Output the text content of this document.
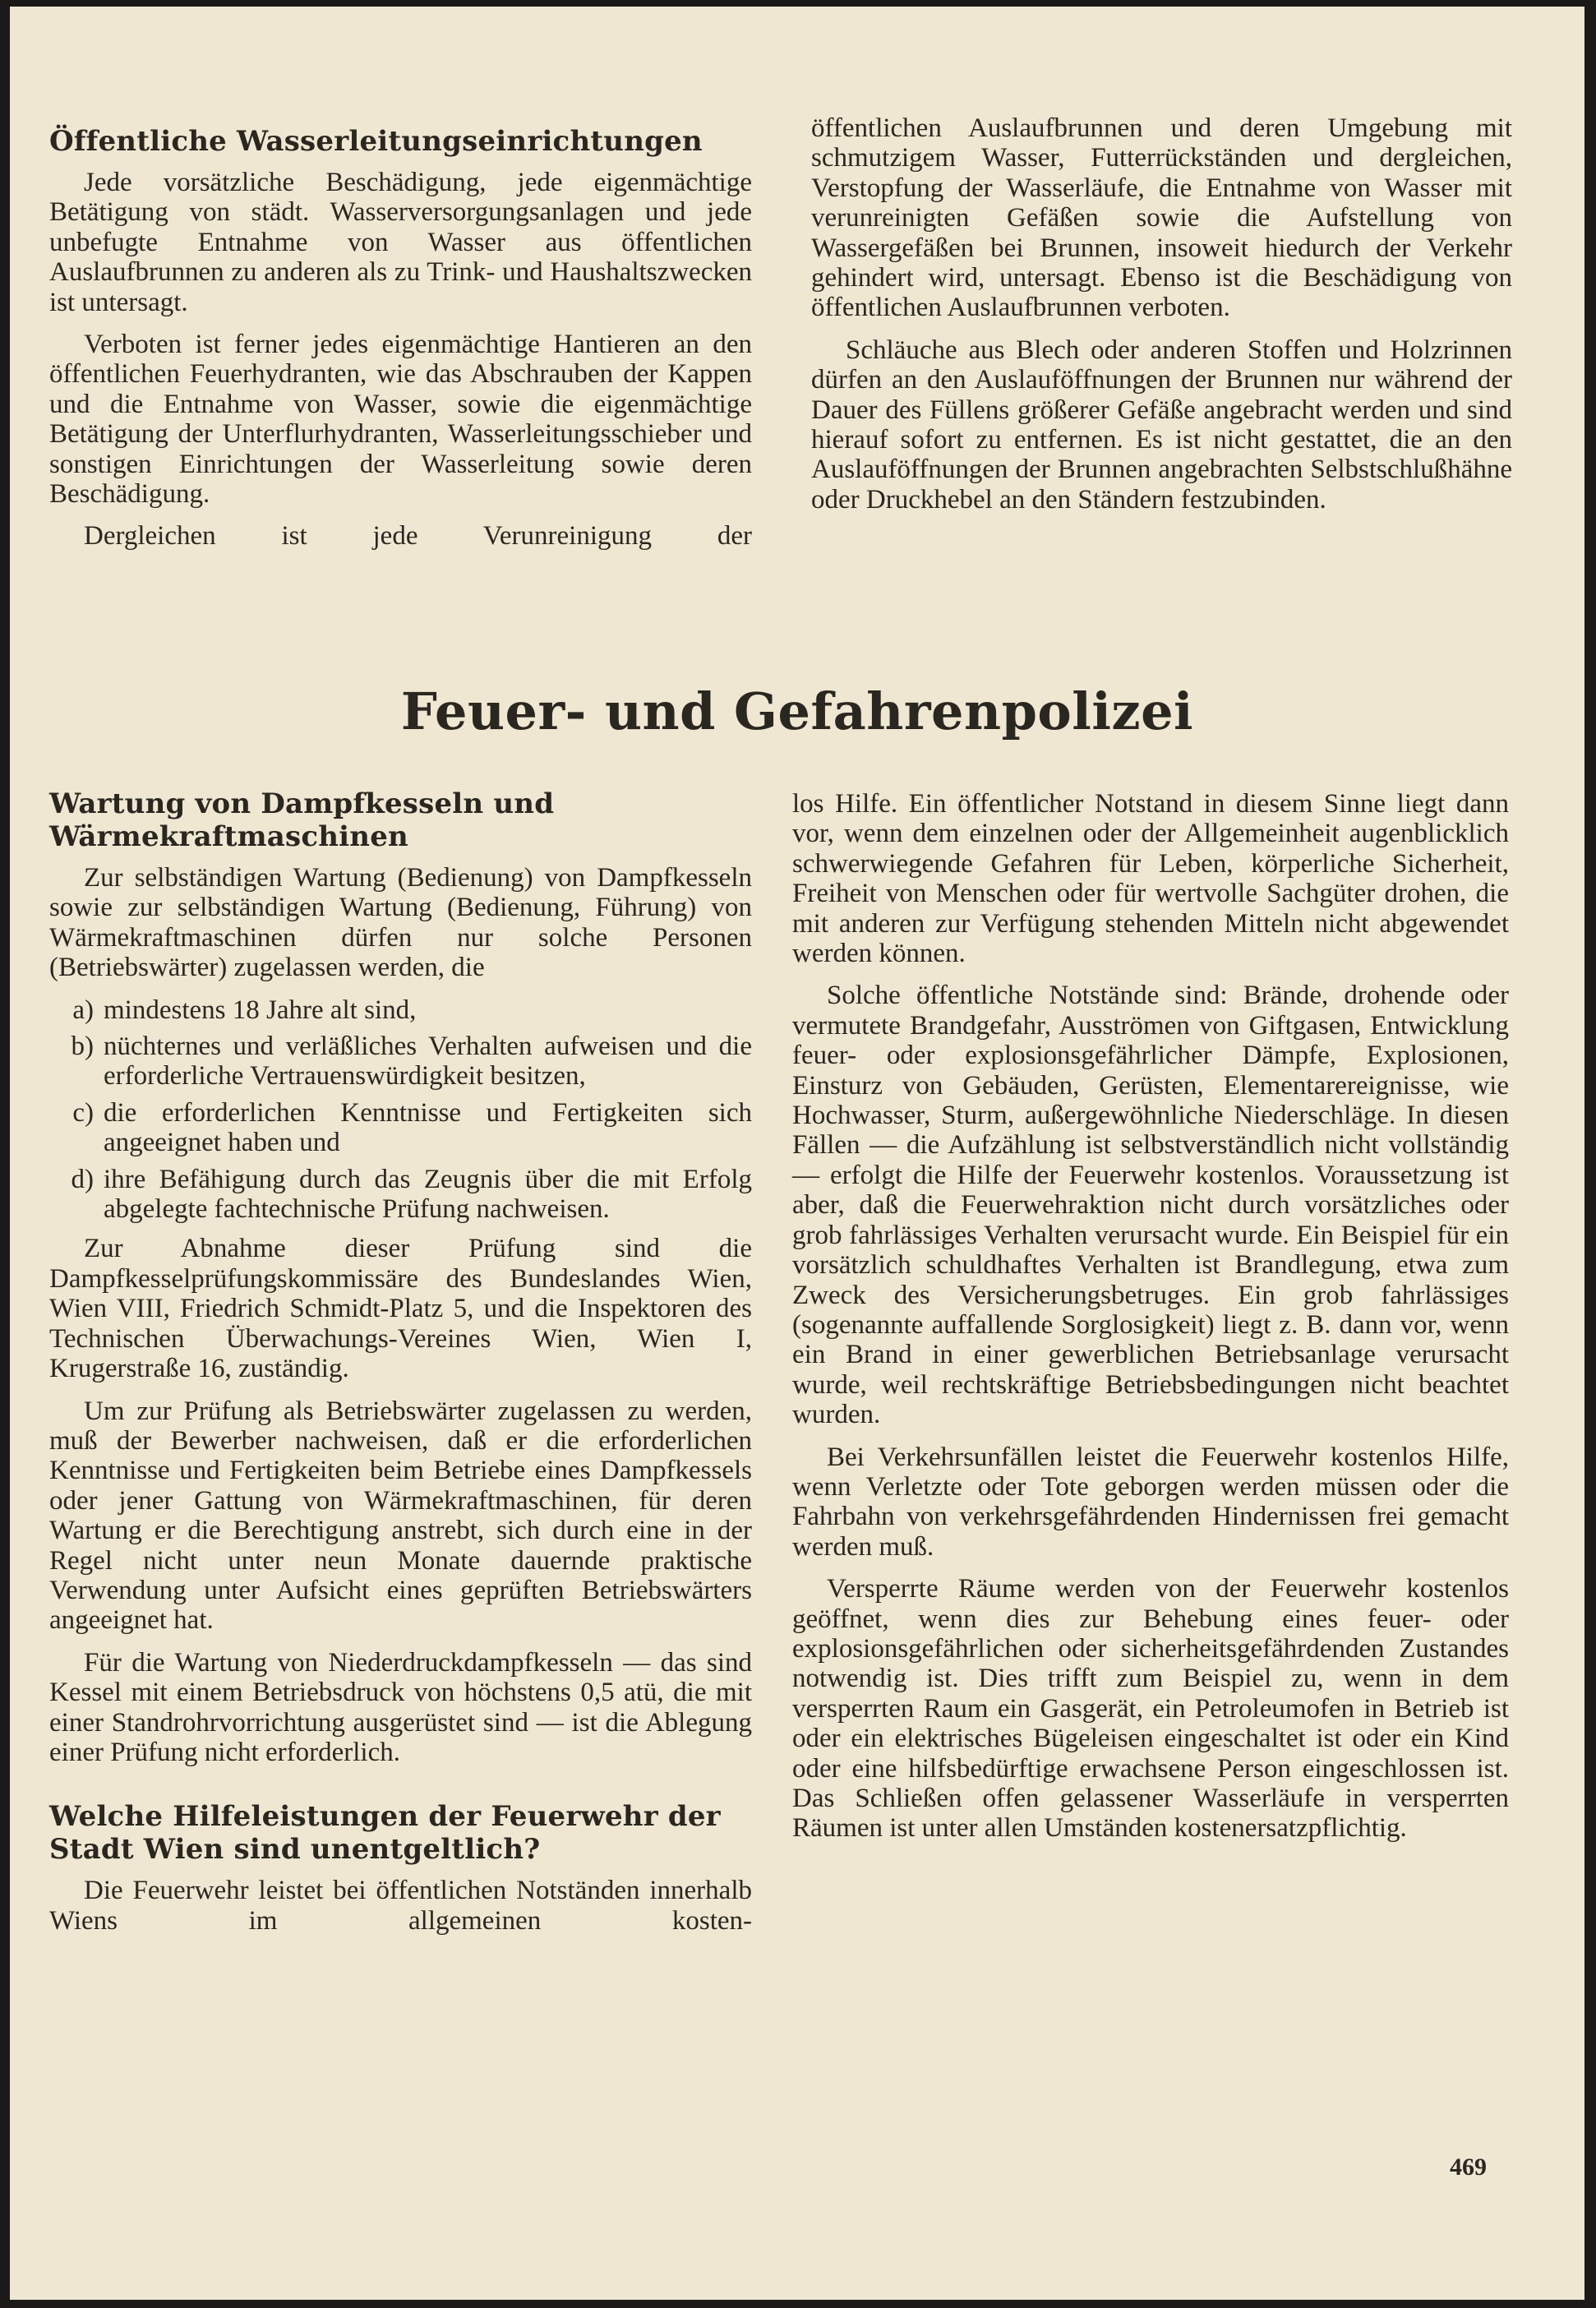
Öffentliche Wasserleitungseinrichtungen

Jede vorsätzliche Beschädigung, jede eigenmächtige Betätigung von städt. Wasserversorgungsanlagen und jede unbefugte Entnahme von Wasser aus öffentlichen Auslaufbrunnen zu anderen als zu Trink- und Haushaltszwecken ist untersagt.

Verboten ist ferner jedes eigenmächtige Hantieren an den öffentlichen Feuerhydranten, wie das Abschrauben der Kappen und die Entnahme von Wasser, sowie die eigenmächtige Betätigung der Unterflurhydranten, Wasserleitungsschieber und sonstigen Einrichtungen der Wasserleitung sowie deren Beschädigung.

Dergleichen ist jede Verunreinigung der

öffentlichen Auslaufbrunnen und deren Umgebung mit schmutzigem Wasser, Futterrückständen und dergleichen, Verstopfung der Wasserläufe, die Entnahme von Wasser mit verunreinigten Gefäßen sowie die Aufstellung von Wassergefäßen bei Brunnen, insoweit hiedurch der Verkehr gehindert wird, untersagt. Ebenso ist die Beschädigung von öffentlichen Auslaufbrunnen verboten.

Schläuche aus Blech oder anderen Stoffen und Holzrinnen dürfen an den Auslauföffnungen der Brunnen nur während der Dauer des Füllens größerer Gefäße angebracht werden und sind hierauf sofort zu entfernen. Es ist nicht gestattet, die an den Auslauföffnungen der Brunnen angebrachten Selbstschlußhähne oder Druckhebel an den Ständern festzubinden.

Feuer- und Gefahrenpolizei
Wartung von Dampfkesseln und Wärmekraftmaschinen

Zur selbständigen Wartung (Bedienung) von Dampfkesseln sowie zur selbständigen Wartung (Bedienung, Führung) von Wärmekraftmaschinen dürfen nur solche Personen (Betriebswärter) zugelassen werden, die

a) mindestens 18 Jahre alt sind,
b) nüchternes und verläßliches Verhalten aufweisen und die erforderliche Vertrauenswürdigkeit besitzen,
c) die erforderlichen Kenntnisse und Fertigkeiten sich angeeignet haben und
d) ihre Befähigung durch das Zeugnis über die mit Erfolg abgelegte fachtechnische Prüfung nachweisen.

Zur Abnahme dieser Prüfung sind die Dampfkesselprüfungskommissäre des Bundeslandes Wien, Wien VIII, Friedrich Schmidt-Platz 5, und die Inspektoren des Technischen Überwachungs-Vereines Wien, Wien I, Krugerstraße 16, zuständig.

Um zur Prüfung als Betriebswärter zugelassen zu werden, muß der Bewerber nachweisen, daß er die erforderlichen Kenntnisse und Fertigkeiten beim Betriebe eines Dampfkessels oder jener Gattung von Wärmekraftmaschinen, für deren Wartung er die Berechtigung anstrebt, sich durch eine in der Regel nicht unter neun Monate dauernde praktische Verwendung unter Aufsicht eines geprüften Betriebswärters angeeignet hat.

Für die Wartung von Niederdruckdampfkesseln — das sind Kessel mit einem Betriebsdruck von höchstens 0,5 atü, die mit einer Standrohrvorrichtung ausgerüstet sind — ist die Ablegung einer Prüfung nicht erforderlich.

Welche Hilfeleistungen der Feuerwehr der Stadt Wien sind unentgeltlich?

Die Feuerwehr leistet bei öffentlichen Notständen innerhalb Wiens im allgemeinen kosten-

los Hilfe. Ein öffentlicher Notstand in diesem Sinne liegt dann vor, wenn dem einzelnen oder der Allgemeinheit augenblicklich schwerwiegende Gefahren für Leben, körperliche Sicherheit, Freiheit von Menschen oder für wertvolle Sachgüter drohen, die mit anderen zur Verfügung stehenden Mitteln nicht abgewendet werden können.

Solche öffentliche Notstände sind: Brände, drohende oder vermutete Brandgefahr, Ausströmen von Giftgasen, Entwicklung feuer- oder explosionsgefährlicher Dämpfe, Explosionen, Einsturz von Gebäuden, Gerüsten, Elementarereignisse, wie Hochwasser, Sturm, außergewöhnliche Niederschläge. In diesen Fällen — die Aufzählung ist selbstverständlich nicht vollständig — erfolgt die Hilfe der Feuerwehr kostenlos. Voraussetzung ist aber, daß die Feuerwehraktion nicht durch vorsätzliches oder grob fahrlässiges Verhalten verursacht wurde. Ein Beispiel für ein vorsätzlich schuldhaftes Verhalten ist Brandlegung, etwa zum Zweck des Versicherungsbetruges. Ein grob fahrlässiges (sogenannte auffallende Sorglosigkeit) liegt z. B. dann vor, wenn ein Brand in einer gewerblichen Betriebsanlage verursacht wurde, weil rechtskräftige Betriebsbedingungen nicht beachtet wurden.

Bei Verkehrsunfällen leistet die Feuerwehr kostenlos Hilfe, wenn Verletzte oder Tote geborgen werden müssen oder die Fahrbahn von verkehrsgefährdenden Hindernissen frei gemacht werden muß.

Versperrte Räume werden von der Feuerwehr kostenlos geöffnet, wenn dies zur Behebung eines feuer- oder explosionsgefährlichen oder sicherheitsgefährdenden Zustandes notwendig ist. Dies trifft zum Beispiel zu, wenn in dem versperrten Raum ein Gasgerät, ein Petroleumofen in Betrieb ist oder ein elektrisches Bügeleisen eingeschaltet ist oder ein Kind oder eine hilfsbedürftige erwachsene Person eingeschlossen ist. Das Schließen offen gelassener Wasserläufe in versperrten Räumen ist unter allen Umständen kostenersatzpflichtig.

469
